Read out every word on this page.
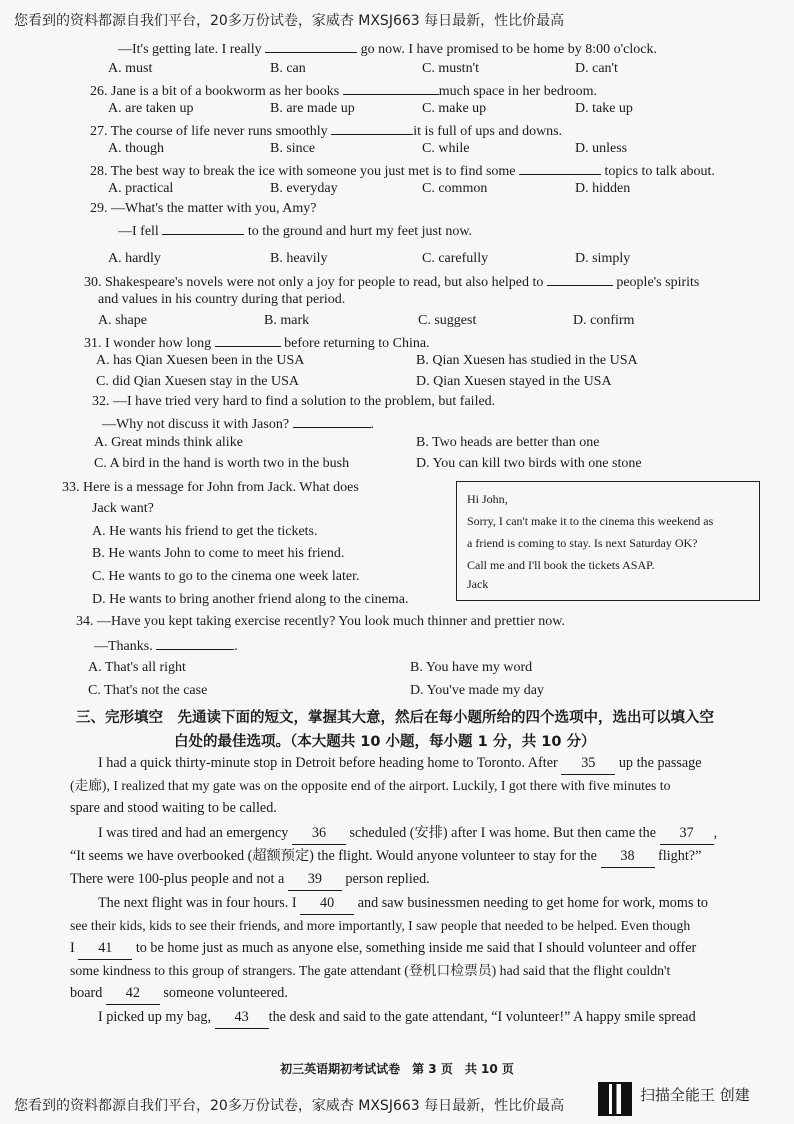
您看到的资料都源自我们平台，20多万份试卷，家威杏 MXSJ663 每日最新，性比价最高
—It's getting late. I really	go now. I have promised to be home by 8:00 o'clock.
A. must	B. can	C. mustn't	D. can't
26. Jane is a bit of a bookworm as her books	much space in her bedroom.
A. are taken up	B. are made up	C. make up	D. take up
27. The course of life never runs smoothly	it is full of ups and downs.
A. though	B. since	C. while	D. unless
28. The best way to break the ice with someone you just met is to find some	topics to talk about.
A. practical	B. everyday	C. common	D. hidden
29. —What's the matter with you, Amy?
—I fell	to the ground and hurt my feet just now.
A. hardly	B. heavily	C. carefully	D. simply
30. Shakespeare's novels were not only a joy for people to read, but also helped to	people's spirits
and values in his country during that period.
A. shape	B. mark	C. suggest	D. confirm
31. I wonder how long	before returning to China.
A. has Qian Xuesen been in the USA	B. Qian Xuesen has studied in the USA
C. did Qian Xuesen stay in the USA	D. Qian Xuesen stayed in the USA
32. —I have tried very hard to find a solution to the problem, but failed.
—Why not discuss it with Jason?	.
A. Great minds think alike	B. Two heads are better than one
C. A bird in the hand is worth two in the bush	D. You can kill two birds with one stone
33. Here is a message for John from Jack. What does
Jack want?
A. He wants his friend to get the tickets.
B. He wants John to come to meet his friend.
C. He wants to go to the cinema one week later.
D. He wants to bring another friend along to the cinema.
Hi John,
Sorry, I can't make it to the cinema this weekend as
a friend is coming to stay. Is next Saturday OK?
Call me and I'll book the tickets ASAP.
Jack
34. —Have you kept taking exercise recently? You look much thinner and prettier now.
—Thanks.	.
A. That's all right	B. You have my word
C. That's not the case	D. You've made my day
三、完形填空　先通读下面的短文，掌握其大意，然后在每小题所给的四个选项中，选出可以填入空
白处的最佳选项。（本大题共 10 小题，每小题 1 分，共 10 分）
I had a quick thirty-minute stop in Detroit before heading home to Toronto. After 35 up the passage
(走廊), I realized that my gate was on the opposite end of the airport. Luckily, I got there with five minutes to
spare and stood waiting to be called.
I was tired and had an emergency 36 scheduled (安排) after I was home. But then came the 37 ,
“It seems we have overbooked (超额预定) the flight. Would anyone volunteer to stay for the 38 flight?”
There were 100-plus people and not a 39 person replied.
The next flight was in four hours. I 40 and saw businessmen needing to get home for work, moms to
see their kids, kids to see their friends, and more importantly, I saw people that needed to be helped. Even though
I 41 to be home just as much as anyone else, something inside me said that I should volunteer and offer
some kindness to this group of strangers. The gate attendant (登机口检票员) had said that the flight couldn't
board 42 someone volunteered.
I picked up my bag, 43 the desk and said to the gate attendant, “I volunteer!” A happy smile spread
初三英语期初考试试卷　第 3 页　共 10 页
您看到的资料都源自我们平台，20多万份试卷，家威杏 MXSJ663 每日最新，性比价最高
扫描全能王 创建
